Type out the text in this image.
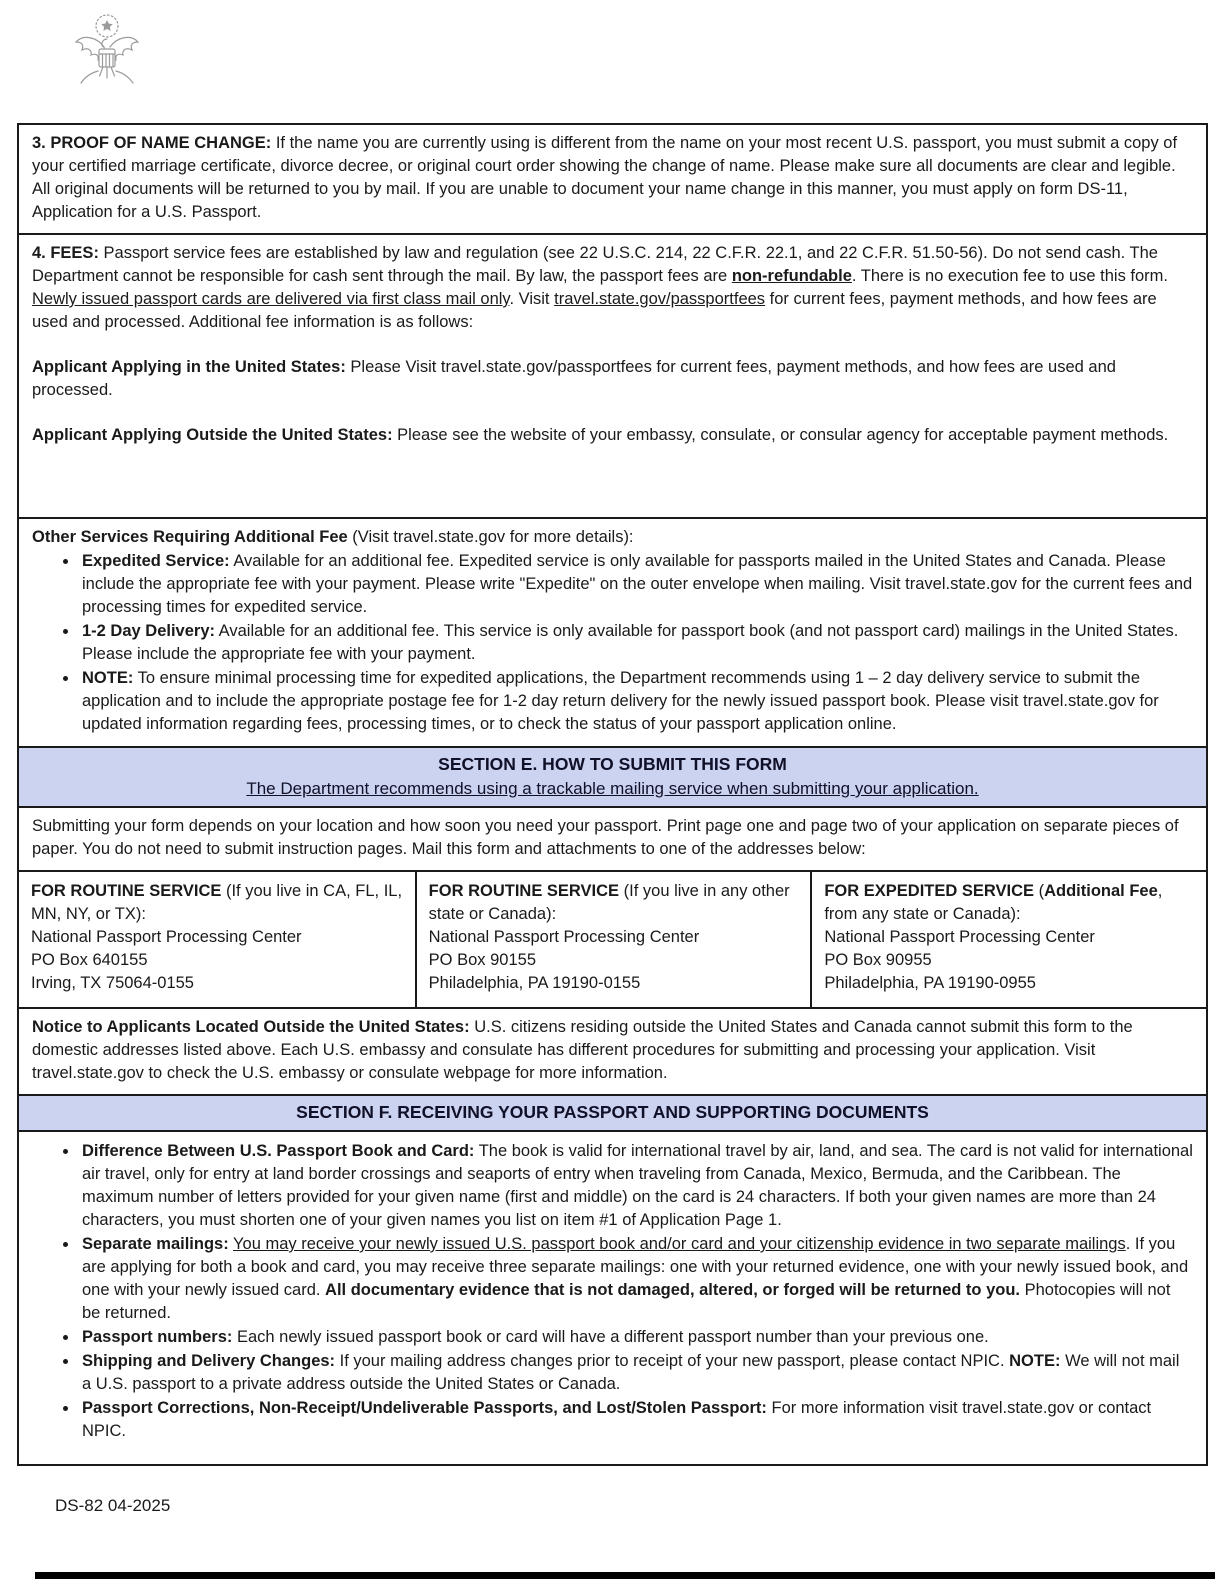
3. PROOF OF NAME CHANGE: If the name you are currently using is different from the name on your most recent U.S. passport, you must submit a copy of your certified marriage certificate, divorce decree, or original court order showing the change of name. Please make sure all documents are clear and legible. All original documents will be returned to you by mail. If you are unable to document your name change in this manner, you must apply on form DS-11, Application for a U.S. Passport.

4. FEES: Passport service fees are established by law and regulation (see 22 U.S.C. 214, 22 C.F.R. 22.1, and 22 C.F.R. 51.50-56). Do not send cash. The Department cannot be responsible for cash sent through the mail. By law, the passport fees are non-refundable. There is no execution fee to use this form. Newly issued passport cards are delivered via first class mail only. Visit travel.state.gov/passportfees for current fees, payment methods, and how fees are used and processed. Additional fee information is as follows:

Applicant Applying in the United States: Please Visit travel.state.gov/passportfees for current fees, payment methods, and how fees are used and processed.

Applicant Applying Outside the United States: Please see the website of your embassy, consulate, or consular agency for acceptable payment methods.

Other Services Requiring Additional Fee (Visit travel.state.gov for more details):

• Expedited Service: Available for an additional fee. Expedited service is only available for passports mailed in the United States and Canada. Please include the appropriate fee with your payment. Please write "Expedite" on the outer envelope when mailing. Visit travel.state.gov for the current fees and processing times for expedited service.
• 1-2 Day Delivery: Available for an additional fee. This service is only available for passport book (and not passport card) mailings in the United States. Please include the appropriate fee with your payment.
• NOTE: To ensure minimal processing time for expedited applications, the Department recommends using 1 – 2 day delivery service to submit the application and to include the appropriate postage fee for 1-2 day return delivery for the newly issued passport book. Please visit travel.state.gov for updated information regarding fees, processing times, or to check the status of your passport application online.
SECTION E. HOW TO SUBMIT THIS FORM
The Department recommends using a trackable mailing service when submitting your application.

Submitting your form depends on your location and how soon you need your passport. Print page one and page two of your application on separate pieces of paper. You do not need to submit instruction pages. Mail this form and attachments to one of the addresses below:

FOR ROUTINE SERVICE (If you live in CA, FL, IL, MN, NY, or TX):

National Passport Processing Center
PO Box 640155
Irving, TX 75064-0155

FOR ROUTINE SERVICE (If you live in any other state or Canada):

National Passport Processing Center
PO Box 90155
Philadelphia, PA 19190-0155

FOR EXPEDITED SERVICE (Additional Fee, from any state or Canada):

National Passport Processing Center
PO Box 90955
Philadelphia, PA 19190-0955

Notice to Applicants Located Outside the United States: U.S. citizens residing outside the United States and Canada cannot submit this form to the domestic addresses listed above. Each U.S. embassy and consulate has different procedures for submitting and processing your application. Visit travel.state.gov to check the U.S. embassy or consulate webpage for more information.

SECTION F. RECEIVING YOUR PASSPORT AND SUPPORTING DOCUMENTS
• Difference Between U.S. Passport Book and Card: The book is valid for international travel by air, land, and sea. The card is not valid for international air travel, only for entry at land border crossings and seaports of entry when traveling from Canada, Mexico, Bermuda, and the Caribbean. The maximum number of letters provided for your given name (first and middle) on the card is 24 characters. If both your given names are more than 24 characters, you must shorten one of your given names you list on item #1 of Application Page 1.
• Separate mailings: You may receive your newly issued U.S. passport book and/or card and your citizenship evidence in two separate mailings. If you are applying for both a book and card, you may receive three separate mailings: one with your returned evidence, one with your newly issued book, and one with your newly issued card. All documentary evidence that is not damaged, altered, or forged will be returned to you. Photocopies will not be returned.
• Passport numbers: Each newly issued passport book or card will have a different passport number than your previous one.
• Shipping and Delivery Changes: If your mailing address changes prior to receipt of your new passport, please contact NPIC. NOTE: We will not mail a U.S. passport to a private address outside the United States or Canada.
• Passport Corrections, Non-Receipt/Undeliverable Passports, and Lost/Stolen Passport: For more information visit travel.state.gov or contact NPIC.
DS-82 04-2025
